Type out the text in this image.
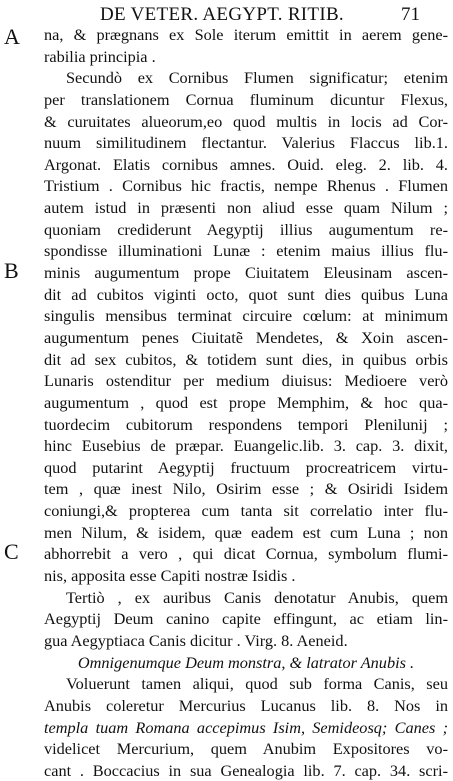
DE VETER. AEGYPT. RITIB.	71
A
B
C
na, & prægnans ex Sole iterum emittit in aerem gene-
rabilia principia .
Secundò ex Cornibus Flumen significatur; etenim
per translationem Cornua fluminum dicuntur Flexus,
& curuitates alueorum,eo quod multis in locis ad Cor-
nuum similitudinem flectantur. Valerius Flaccus lib.1.
Argonat. Elatis cornibus amnes. Ouid. eleg. 2. lib. 4.
Tristium . Cornibus hic fractis, nempe Rhenus . Flumen
autem istud in præsenti non aliud esse quam Nilum ;
quoniam crediderunt Aegyptij illius augumentum re-
spondisse illuminationi Lunæ : etenim maius illius flu-
minis augumentum prope Ciuitatem Eleusinam ascen-
dit ad cubitos viginti octo, quot sunt dies quibus Luna
singulis mensibus terminat circuire cœlum: at minimum
augumentum penes Ciuitatẽ Mendetes, & Xoin ascen-
dit ad sex cubitos, & totidem sunt dies, in quibus orbis
Lunaris ostenditur per medium diuisus: Medioere verò
augumentum , quod est prope Memphim, & hoc qua-
tuordecim cubitorum respondens tempori Plenilunij ;
hinc Eusebius de præpar. Euangelic.lib. 3. cap. 3. dixit,
quod putarint Aegyptij fructuum procreatricem virtu-
tem , quæ inest Nilo, Osirim esse ; & Osiridi Isidem
coniungi,& propterea cum tanta sit correlatio inter flu-
men Nilum, & isidem, quæ eadem est cum Luna ; non
abhorrebit a vero , qui dicat Cornua, symbolum flumi-
nis, apposita esse Capiti nostræ Isidis .
Tertiò , ex auribus Canis denotatur Anubis, quem
Aegyptij Deum canino capite effingunt, ac etiam lin-
gua Aegyptiaca Canis dicitur . Virg. 8. Aeneid.
Omnigenumque Deum monstra, & latrator Anubis .
Voluerunt tamen aliqui, quod sub forma Canis, seu
Anubis coleretur Mercurius Lucanus lib. 8. Nos in
templa tuam Romana accepimus Isim, Semideosq; Canes ;
videlicet Mercurium, quem Anubim Expositores vo-
cant . Boccacius in sua Genealogia lib. 7. cap. 34. scri-
